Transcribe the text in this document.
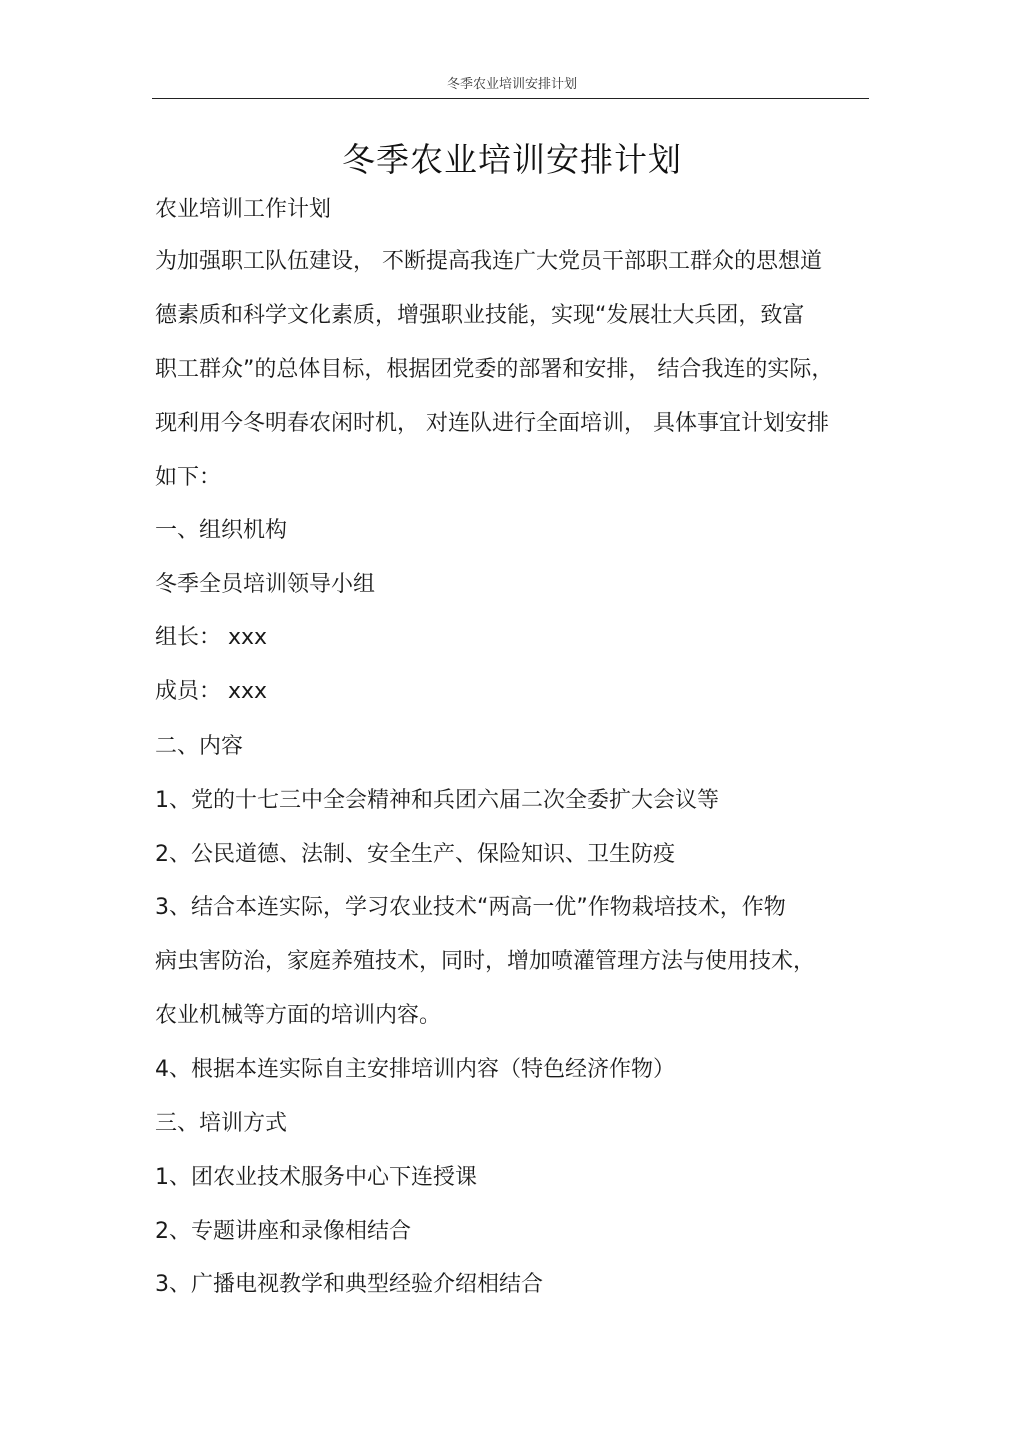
冬季农业培训安排计划
冬季农业培训安排计划
农业培训工作计划
为加强职工队伍建设， 不断提高我连广大党员干部职工群众的思想道
德素质和科学文化素质，增强职业技能，实现“发展壮大兵团，致富
职工群众”的总体目标，根据团党委的部署和安排， 结合我连的实际，
现利用今冬明春农闲时机， 对连队进行全面培训， 具体事宜计划安排
如下：
一、组织机构
冬季全员培训领导小组
组长： xxx
成员： xxx
二、内容
1、党的十七三中全会精神和兵团六届二次全委扩大会议等
2、公民道德、法制、安全生产、保险知识、卫生防疫
3、结合本连实际，学习农业技术“两高一优”作物栽培技术，作物
病虫害防治，家庭养殖技术，同时，增加喷灌管理方法与使用技术，
农业机械等方面的培训内容。
4、根据本连实际自主安排培训内容（特色经济作物）
三、培训方式
1、团农业技术服务中心下连授课
2、专题讲座和录像相结合
3、广播电视教学和典型经验介绍相结合
